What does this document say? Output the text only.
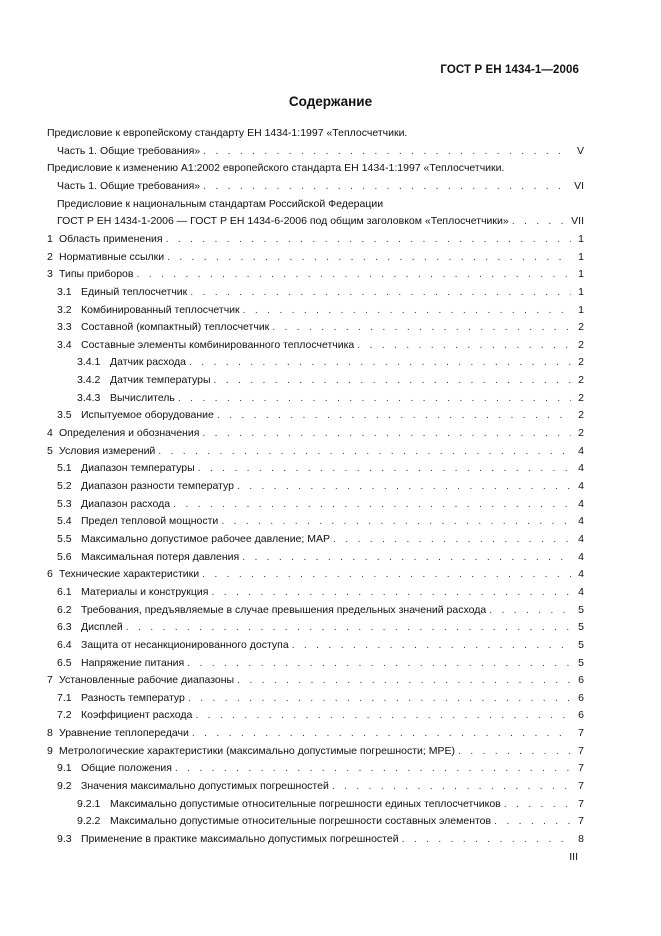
ГОСТ Р ЕН 1434-1—2006
Содержание
Предисловие к европейскому стандарту ЕН 1434-1:1997 «Теплосчетчики.
Часть 1. Общие требования» . . .	V
Предисловие к изменению А1:2002 европейского стандарта ЕН 1434-1:1997 «Теплосчетчики.
Часть 1. Общие требования» . . .	VI
Предисловие к национальным стандартам Российской Федерации
ГОСТ Р ЕН 1434-1-2006 — ГОСТ Р ЕН 1434-6-2006 под общим заголовком «Теплосчетчики» . . .	VII
1 Область применения . . .	1
2 Нормативные ссылки . . .	1
3 Типы приборов . . .	1
3.1 Единый теплосчетчик . . .	1
3.2 Комбинированный теплосчетчик . . .	1
3.3 Составной (компактный) теплосчетчик . . .	2
3.4 Составные элементы комбинированного теплосчетчика . . .	2
3.4.1 Датчик расхода . . .	2
3.4.2 Датчик температуры . . .	2
3.4.3 Вычислитель . . .	2
3.5 Испытуемое оборудование . . .	2
4 Определения и обозначения . . .	2
5 Условия измерений . . .	4
5.1 Диапазон температуры . . .	4
5.2 Диапазон разности температур . . .	4
5.3 Диапазон расхода . . .	4
5.4 Предел тепловой мощности . . .	4
5.5 Максимально допустимое рабочее давление; МАР . . .	4
5.6 Максимальная потеря давления . . .	4
6 Технические характеристики . . .	4
6.1 Материалы и конструкция . . .	4
6.2 Требования, предъявляемые в случае превышения предельных значений расхода . . .	5
6.3 Дисплей . . .	5
6.4 Защита от несанкционированного доступа . . .	5
6.5 Напряжение питания . . .	5
7 Установленные рабочие диапазоны . . .	6
7.1 Разность температур . . .	6
7.2 Коэффициент расхода . . .	6
8 Уравнение теплопередачи . . .	7
9 Метрологические характеристики (максимально допустимые погрешности; МРЕ) . . .	7
9.1 Общие положения . . .	7
9.2 Значения максимально допустимых погрешностей . . .	7
9.2.1 Максимально допустимые относительные погрешности единых теплосчетчиков . . .	7
9.2.2 Максимально допустимые относительные погрешности составных элементов . . .	7
9.3 Применение в практике максимально допустимых погрешностей . . .	8
III
